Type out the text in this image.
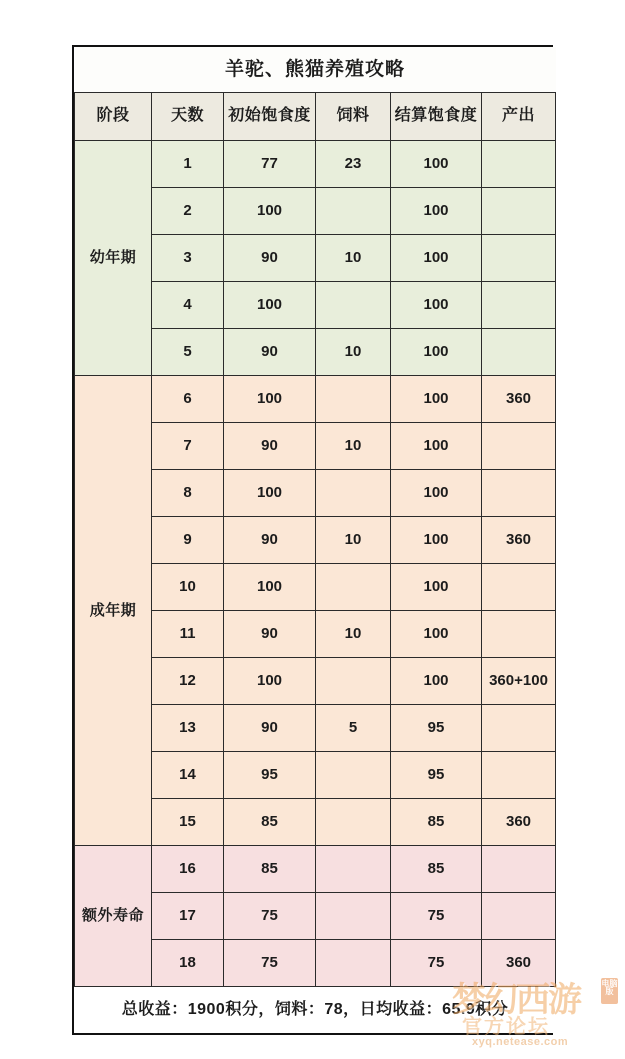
羊驼、熊猫养殖攻略					
阶段	天数	初始饱食度	饲料	结算饱食度	产出
幼年期	1	77	23	100	
	2	100		100	
	3	90	10	100	
	4	100		100	
	5	90	10	100	
成年期	6	100		100	360
	7	90	10	100	
	8	100		100	
	9	90	10	100	360
	10	100		100	
	11	90	10	100	
	12	100		100	360+100
	13	90	5	95	
	14	95		95	
	15	85		85	360
额外寿命	16	85		85	
	17	75		75	
	18	75		75	360
总收益：1900积分，饲料：78，日均收益：65.9积分					
梦幻西游
官方论坛
xyq.netease.com
电脑版
